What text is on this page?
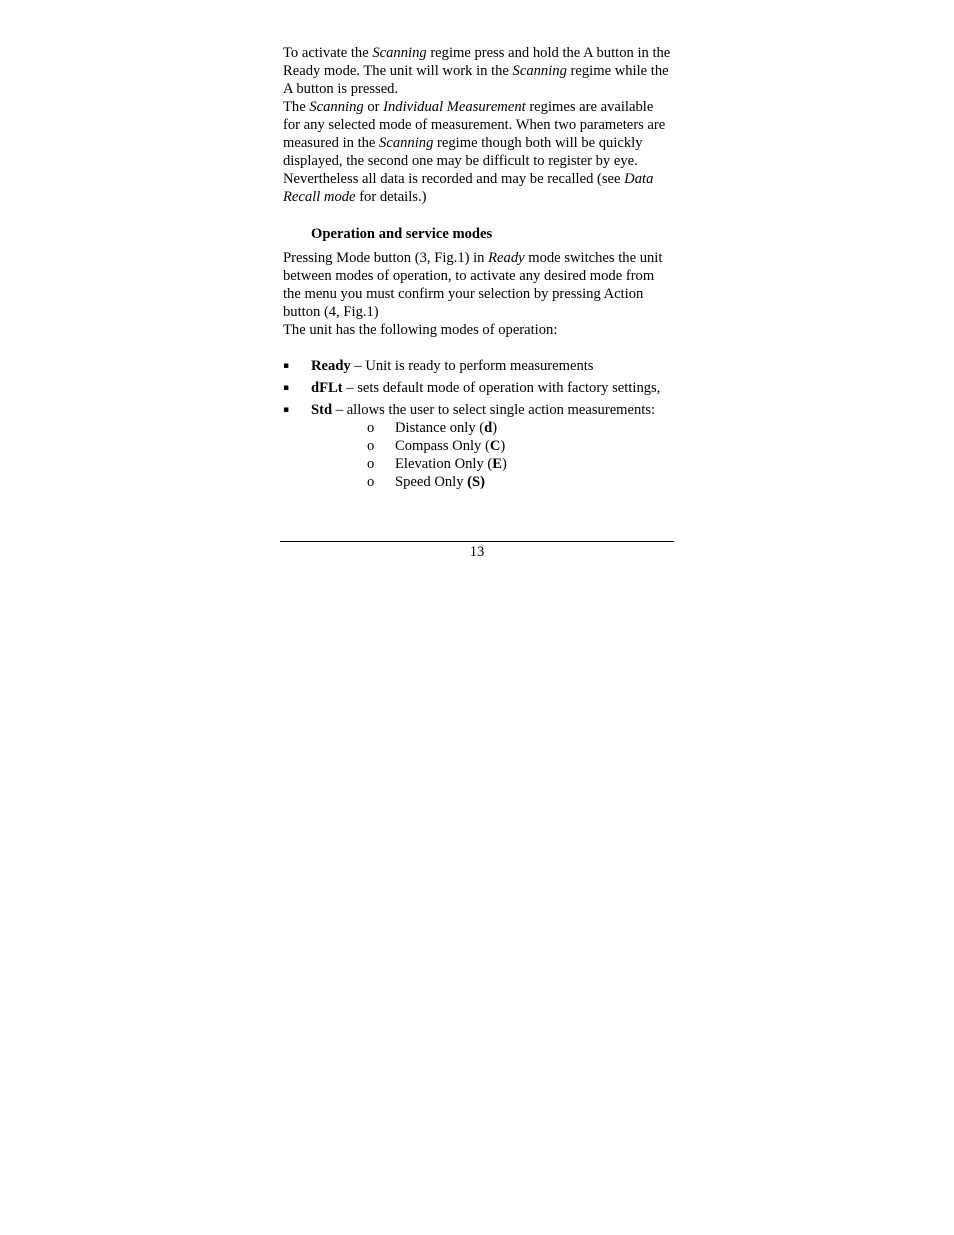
To activate the Scanning regime press and hold the A button in the Ready mode. The unit will work in the Scanning regime while the A button is pressed.

The Scanning or Individual Measurement regimes are available for any selected mode of measurement. When two parameters are measured in the Scanning regime though both will be quickly displayed, the second one may be difficult to register by eye. Nevertheless all data is recorded and may be recalled (see Data Recall mode for details.)

Operation and service modes

Pressing Mode button (3, Fig.1) in Ready mode switches the unit between modes of operation, to activate any desired mode from the menu you must confirm your selection by pressing Action button (4, Fig.1)

The unit has the following modes of operation:

▪ Ready – Unit is ready to perform measurements
▪ dFLt – sets default mode of operation with factory settings,
▪ Std – allows the user to select single action measurements:
o Distance only (d)
o Compass Only (C)
o Elevation Only (E)
o Speed Only (S)
13
